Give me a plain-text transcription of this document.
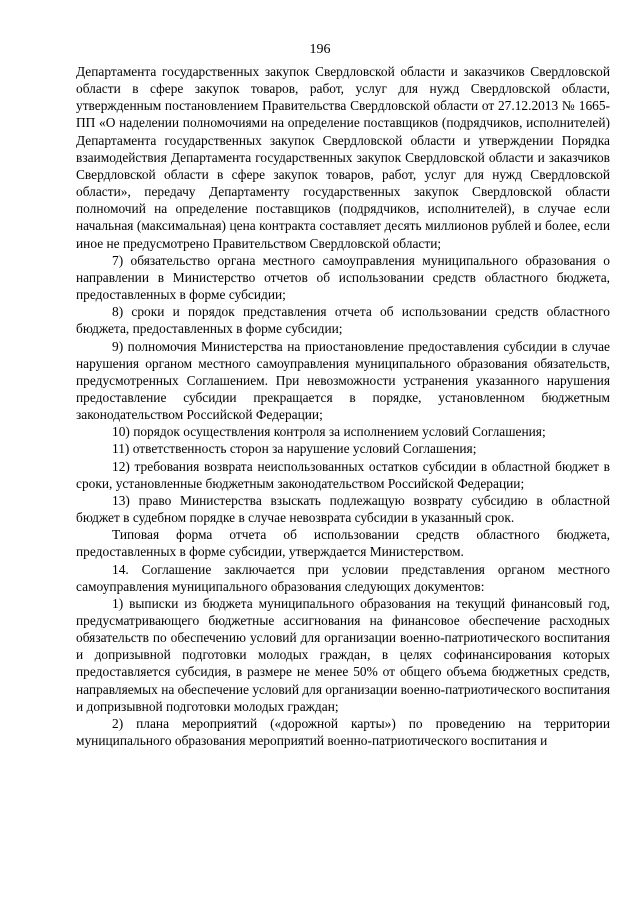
196

Департамента государственных закупок Свердловской области и заказчиков Свердловской области в сфере закупок товаров, работ, услуг для нужд Свердловской области, утвержденным постановлением Правительства Свердловской области от 27.12.2013 № 1665-ПП «О наделении полномочиями на определение поставщиков (подрядчиков, исполнителей) Департамента государственных закупок Свердловской области и утверждении Порядка взаимодействия Департамента государственных закупок Свердловской области и заказчиков Свердловской области в сфере закупок товаров, работ, услуг для нужд Свердловской области», передачу Департаменту государственных закупок Свердловской области полномочий на определение поставщиков (подрядчиков, исполнителей), в случае если начальная (максимальная) цена контракта составляет десять миллионов рублей и более, если иное не предусмотрено Правительством Свердловской области;

7) обязательство органа местного самоуправления муниципального образования о направлении в Министерство отчетов об использовании средств областного бюджета, предоставленных в форме субсидии;

8) сроки и порядок представления отчета об использовании средств областного бюджета, предоставленных в форме субсидии;

9) полномочия Министерства на приостановление предоставления субсидии в случае нарушения органом местного самоуправления муниципального образования обязательств, предусмотренных Соглашением. При невозможности устранения указанного нарушения предоставление субсидии прекращается в порядке, установленном бюджетным законодательством Российской Федерации;

10) порядок осуществления контроля за исполнением условий Соглашения;

11) ответственность сторон за нарушение условий Соглашения;

12) требования возврата неиспользованных остатков субсидии в областной бюджет в сроки, установленные бюджетным законодательством Российской Федерации;

13) право Министерства взыскать подлежащую возврату субсидию в областной бюджет в судебном порядке в случае невозврата субсидии в указанный срок.

Типовая форма отчета об использовании средств областного бюджета, предоставленных в форме субсидии, утверждается Министерством.

14. Соглашение заключается при условии представления органом местного самоуправления муниципального образования следующих документов:

1) выписки из бюджета муниципального образования на текущий финансовый год, предусматривающего бюджетные ассигнования на финансовое обеспечение расходных обязательств по обеспечению условий для организации военно-патриотического воспитания и допризывной подготовки молодых граждан, в целях софинансирования которых предоставляется субсидия, в размере не менее 50% от общего объема бюджетных средств, направляемых на обеспечение условий для организации военно-патриотического воспитания и допризывной подготовки молодых граждан;

2) плана мероприятий («дорожной карты») по проведению на территории муниципального образования мероприятий военно-патриотического воспитания и
